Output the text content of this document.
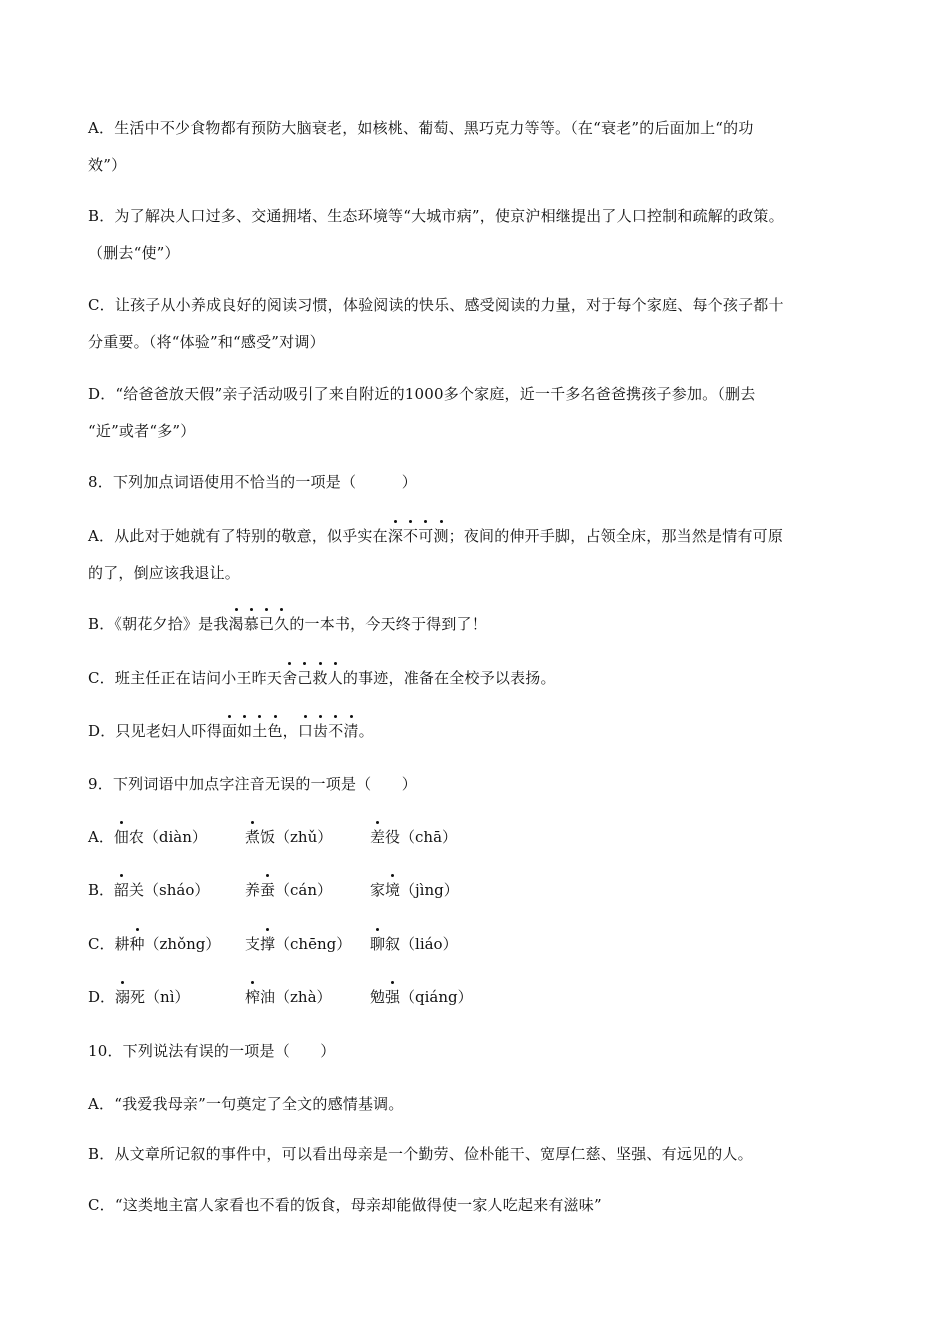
A．生活中不少食物都有预防大脑衰老，如核桃、葡萄、黑巧克力等等。（在“衰老”的后面加上“的功
效”）
B．为了解决人口过多、交通拥堵、生态环境等“大城市病”，使京沪相继提出了人口控制和疏解的政策。
（删去“使”）
C．让孩子从小养成良好的阅读习惯，体验阅读的快乐、感受阅读的力量，对于每个家庭、每个孩子都十
分重要。（将“体验”和“感受”对调）
D．“给爸爸放天假”亲子活动吸引了来自附近的1000多个家庭，近一千多名爸爸携孩子参加。（删去
“近”或者“多”）
8．下列加点词语使用不恰当的一项是（　　　）
A．从此对于她就有了特别的敬意，似乎实在深不可测；夜间的伸开手脚，占领全床，那当然是情有可原
的了，倒应该我退让。
B．《朝花夕拾》是我渴慕已久的一本书，今天终于得到了！
C．班主任正在诘问小王昨天舍己救人的事迹，准备在全校予以表扬。
D．只见老妇人吓得面如土色，口齿不清。
9．下列词语中加点字注音无误的一项是（　　）
A．佃农（diàn）	煮饭（zhǔ）	差役（chā）
B．韶关（sháo） 养蚕（cán）	家境（jìng）
C．耕种（zhǒng） 支撑（chēng） 聊叙（liáo）
D．溺死（nì）	榨油（zhà）	勉强（qiáng）
10．下列说法有误的一项是（　　）
A．“我爱我母亲”一句奠定了全文的感情基调。
B．从文章所记叙的事件中，可以看出母亲是一个勤劳、俭朴能干、宽厚仁慈、坚强、有远见的人。
C．“这类地主富人家看也不看的饭食，母亲却能做得使一家人吃起来有滋味”
